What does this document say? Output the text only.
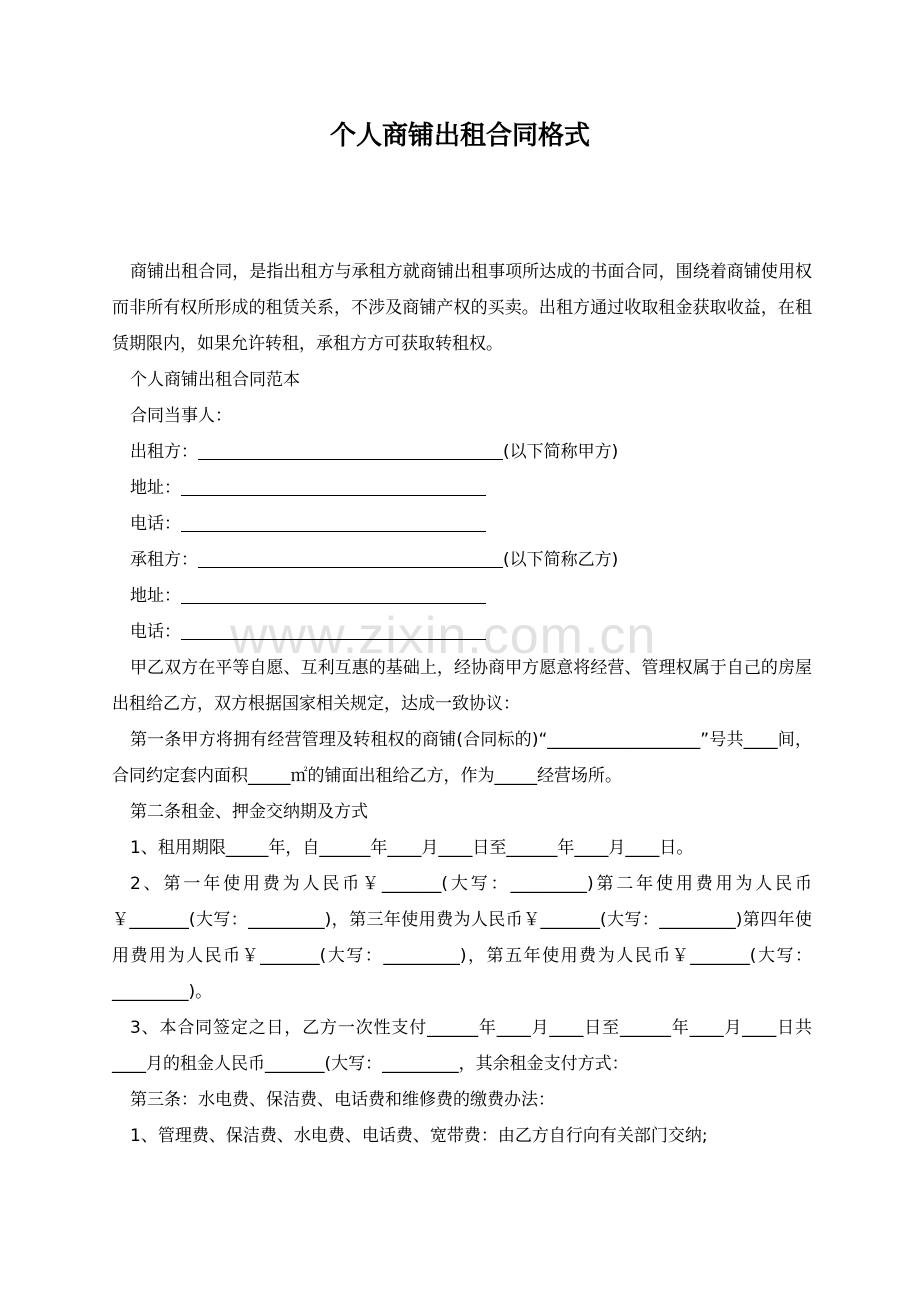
个人商铺出租合同格式
www.zixin.com.cn

商铺出租合同，是指出租方与承租方就商铺出租事项所达成的书面合同，围绕着商铺使用权而非所有权所形成的租赁关系，不涉及商铺产权的买卖。出租方通过收取租金获取收益，在租赁期限内，如果允许转租，承租方方可获取转租权。

个人商铺出租合同范本

合同当事人：

出租方：	(以下简称甲方)

地址：

电话：

承租方：	(以下简称乙方)

地址：

电话：

甲乙双方在平等自愿、互利互惠的基础上，经协商甲方愿意将经营、管理权属于自己的房屋出租给乙方，双方根据国家相关规定，达成一致协议：

第一条甲方将拥有经营管理及转租权的商铺(合同标的)“__________________”号共____间，合同约定套内面积_____㎡的铺面出租给乙方，作为_____经营场所。

第二条租金、押金交纳期及方式

1、租用期限_____年，自______年____月____日至______年____月____日。

2、第一年使用费为人民币￥_______(大写：_________)第二年使用费用为人民币￥_______(大写：_________)，第三年使用费为人民币￥_______(大写：_________)第四年使用费用为人民币￥_______(大写：_________)，第五年使用费为人民币￥_______(大写：_________)。

3、本合同签定之日，乙方一次性支付______年____月____日至______年____月____日共____月的租金人民币_______(大写：_________，其余租金支付方式：

第三条：水电费、保洁费、电话费和维修费的缴费办法：

1、管理费、保洁费、水电费、电话费、宽带费：由乙方自行向有关部门交纳;
